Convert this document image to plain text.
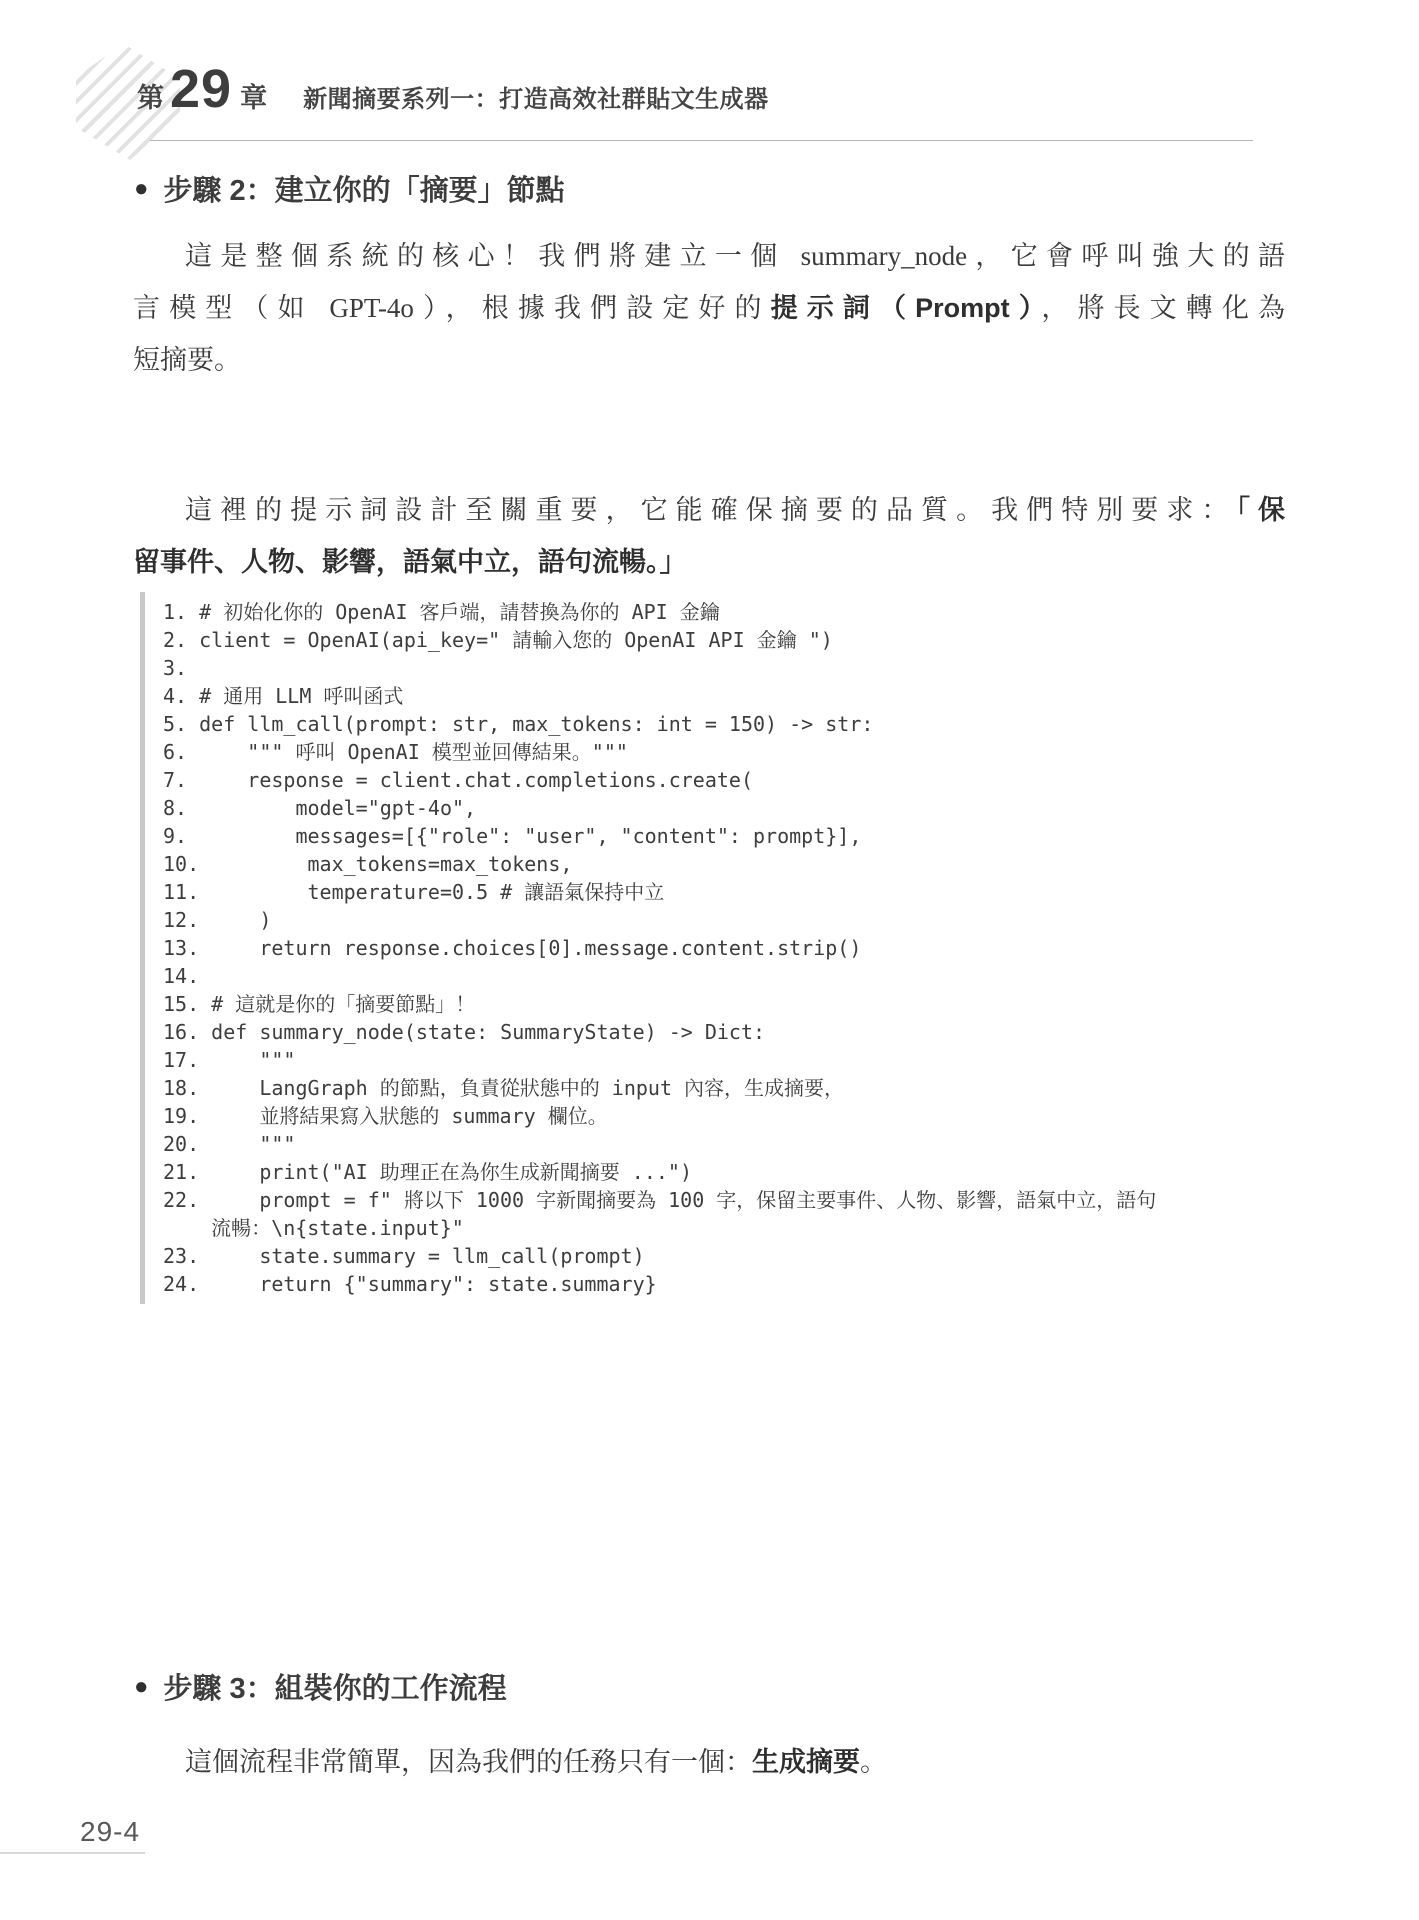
第 29 章 新聞摘要系列一：打造高效社群貼文生成器
● 步驟 2：建立你的「摘要」節點
這是整個系統的核心！我們將建立一個 summary_node，它會呼叫強大的語
言模型（如 GPT-4o），根據我們設定好的提示詞（Prompt），將長文轉化為
短摘要。
這裡的提示詞設計至關重要，它能確保摘要的品質。我們特別要求：「保
留事件、人物、影響，語氣中立，語句流暢。」
1. # 初始化你的 OpenAI 客戶端，請替換為你的 API 金鑰
2. client = OpenAI(api_key=" 請輸入您的 OpenAI API 金鑰 ")
3.
4. # 通用 LLM 呼叫函式
5. def llm_call(prompt: str, max_tokens: int = 150) -> str:
6.     """ 呼叫 OpenAI 模型並回傳結果。"""
7.     response = client.chat.completions.create(
8.         model="gpt-4o",
9.         messages=[{"role": "user", "content": prompt}],
10.         max_tokens=max_tokens,
11.         temperature=0.5 # 讓語氣保持中立
12.     )
13.     return response.choices[0].message.content.strip()
14.
15. # 這就是你的「摘要節點」！
16. def summary_node(state: SummaryState) -> Dict:
17.     """
18.     LangGraph 的節點，負責從狀態中的 input 內容，生成摘要，
19.     並將結果寫入狀態的 summary 欄位。
20.     """
21.     print("AI 助理正在為你生成新聞摘要 ...")
22.     prompt = f" 將以下 1000 字新聞摘要為 100 字，保留主要事件、人物、影響，語氣中立，語句
流暢：\n{state.input}"
23.     state.summary = llm_call(prompt)
24.     return {"summary": state.summary}
● 步驟 3：組裝你的工作流程
這個流程非常簡單，因為我們的任務只有一個：生成摘要。
29-4
